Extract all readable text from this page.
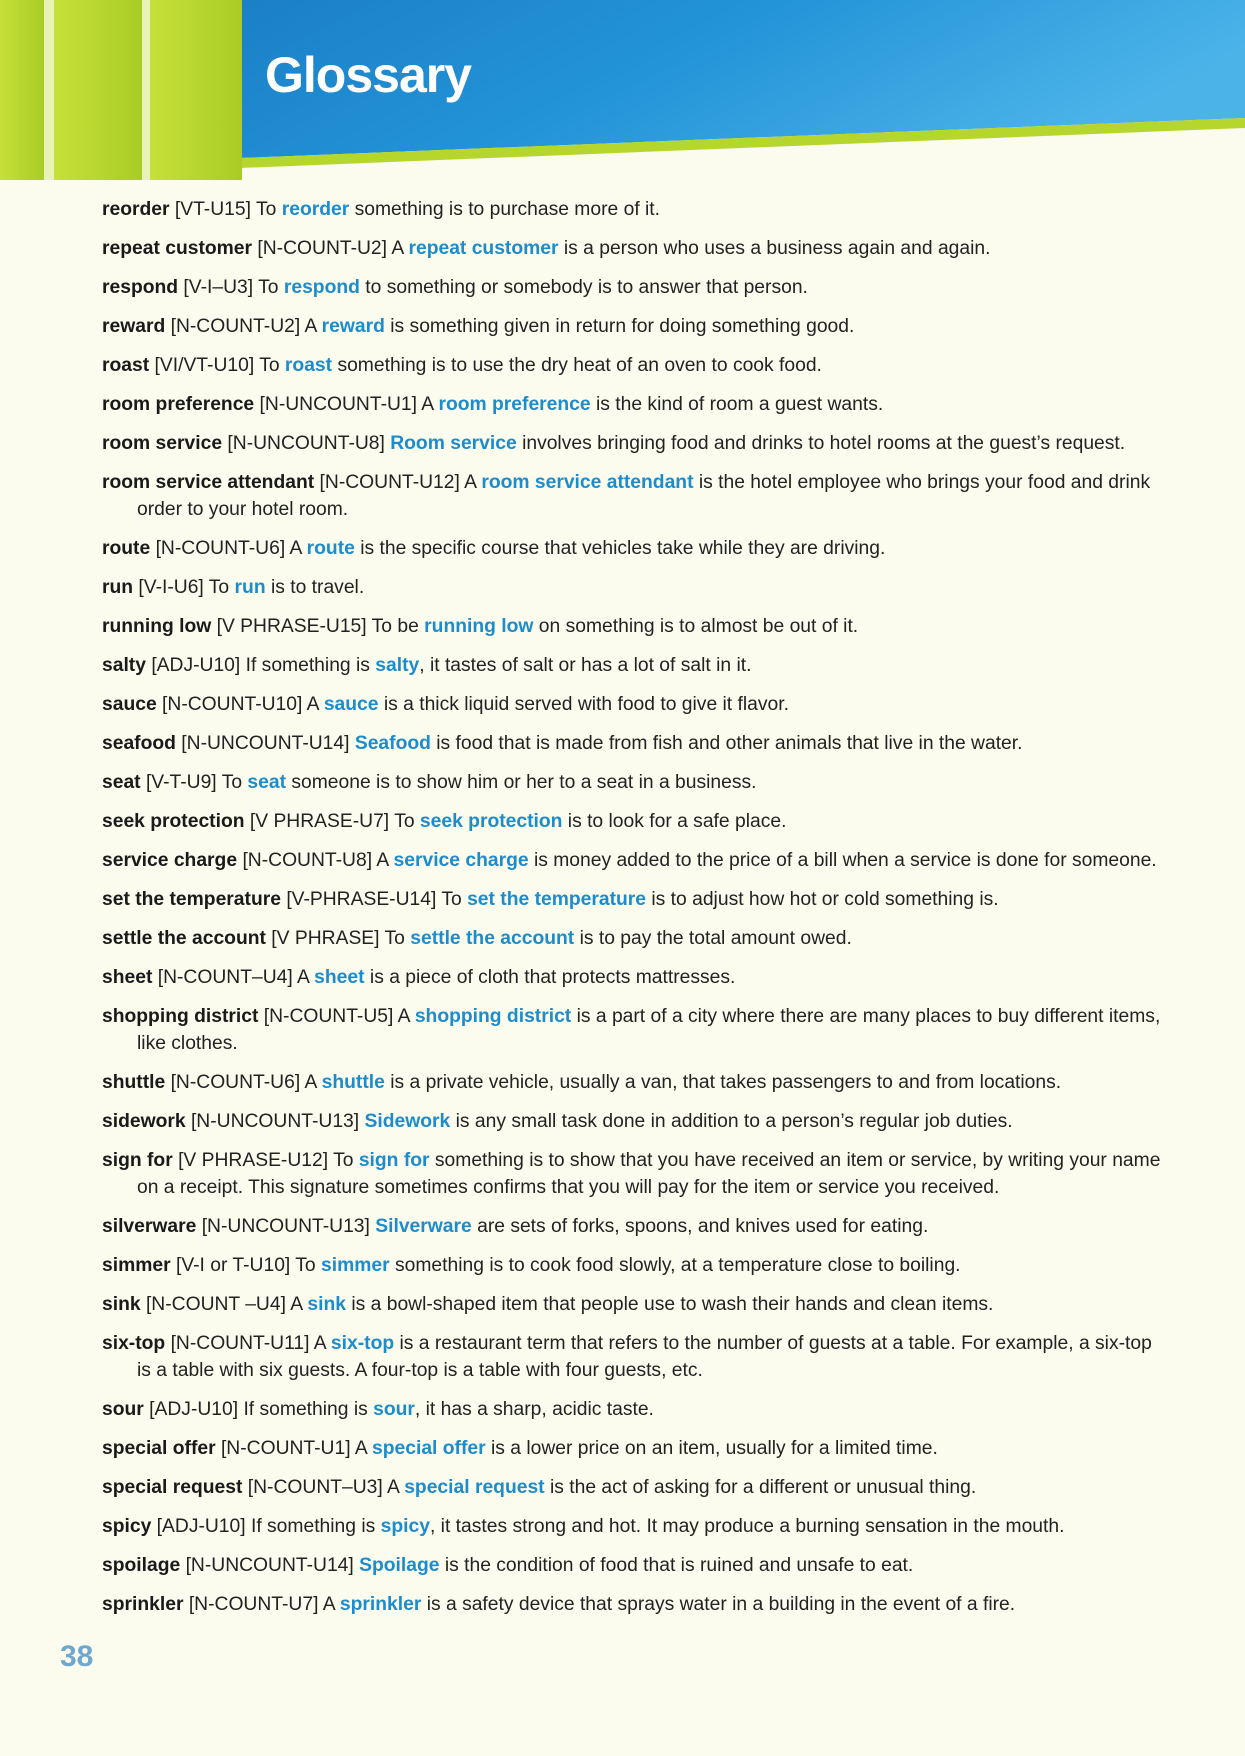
Glossary
reorder [VT-U15] To reorder something is to purchase more of it.
repeat customer [N-COUNT-U2] A repeat customer is a person who uses a business again and again.
respond [V-I–U3] To respond to something or somebody is to answer that person.
reward [N-COUNT-U2] A reward is something given in return for doing something good.
roast [VI/VT-U10] To roast something is to use the dry heat of an oven to cook food.
room preference [N-UNCOUNT-U1] A room preference is the kind of room a guest wants.
room service [N-UNCOUNT-U8] Room service involves bringing food and drinks to hotel rooms at the guest’s request.
room service attendant [N-COUNT-U12] A room service attendant is the hotel employee who brings your food and drink order to your hotel room.
route [N-COUNT-U6] A route is the specific course that vehicles take while they are driving.
run [V-I-U6] To run is to travel.
running low [V PHRASE-U15] To be running low on something is to almost be out of it.
salty [ADJ-U10] If something is salty, it tastes of salt or has a lot of salt in it.
sauce [N-COUNT-U10] A sauce is a thick liquid served with food to give it flavor.
seafood [N-UNCOUNT-U14] Seafood is food that is made from fish and other animals that live in the water.
seat [V-T-U9] To seat someone is to show him or her to a seat in a business.
seek protection [V PHRASE-U7] To seek protection is to look for a safe place.
service charge [N-COUNT-U8] A service charge is money added to the price of a bill when a service is done for someone.
set the temperature [V-PHRASE-U14] To set the temperature is to adjust how hot or cold something is.
settle the account [V PHRASE] To settle the account is to pay the total amount owed.
sheet [N-COUNT–U4] A sheet is a piece of cloth that protects mattresses.
shopping district [N-COUNT-U5] A shopping district is a part of a city where there are many places to buy different items, like clothes.
shuttle [N-COUNT-U6] A shuttle is a private vehicle, usually a van, that takes passengers to and from locations.
sidework [N-UNCOUNT-U13] Sidework is any small task done in addition to a person’s regular job duties.
sign for [V PHRASE-U12] To sign for something is to show that you have received an item or service, by writing your name on a receipt. This signature sometimes confirms that you will pay for the item or service you received.
silverware [N-UNCOUNT-U13] Silverware are sets of forks, spoons, and knives used for eating.
simmer [V-I or T-U10] To simmer something is to cook food slowly, at a temperature close to boiling.
sink [N-COUNT –U4] A sink is a bowl-shaped item that people use to wash their hands and clean items.
six-top [N-COUNT-U11] A six-top is a restaurant term that refers to the number of guests at a table. For example, a six-top is a table with six guests. A four-top is a table with four guests, etc.
sour [ADJ-U10] If something is sour, it has a sharp, acidic taste.
special offer [N-COUNT-U1] A special offer is a lower price on an item, usually for a limited time.
special request [N-COUNT–U3] A special request is the act of asking for a different or unusual thing.
spicy [ADJ-U10] If something is spicy, it tastes strong and hot. It may produce a burning sensation in the mouth.
spoilage [N-UNCOUNT-U14] Spoilage is the condition of food that is ruined and unsafe to eat.
sprinkler [N-COUNT-U7] A sprinkler is a safety device that sprays water in a building in the event of a fire.
38
